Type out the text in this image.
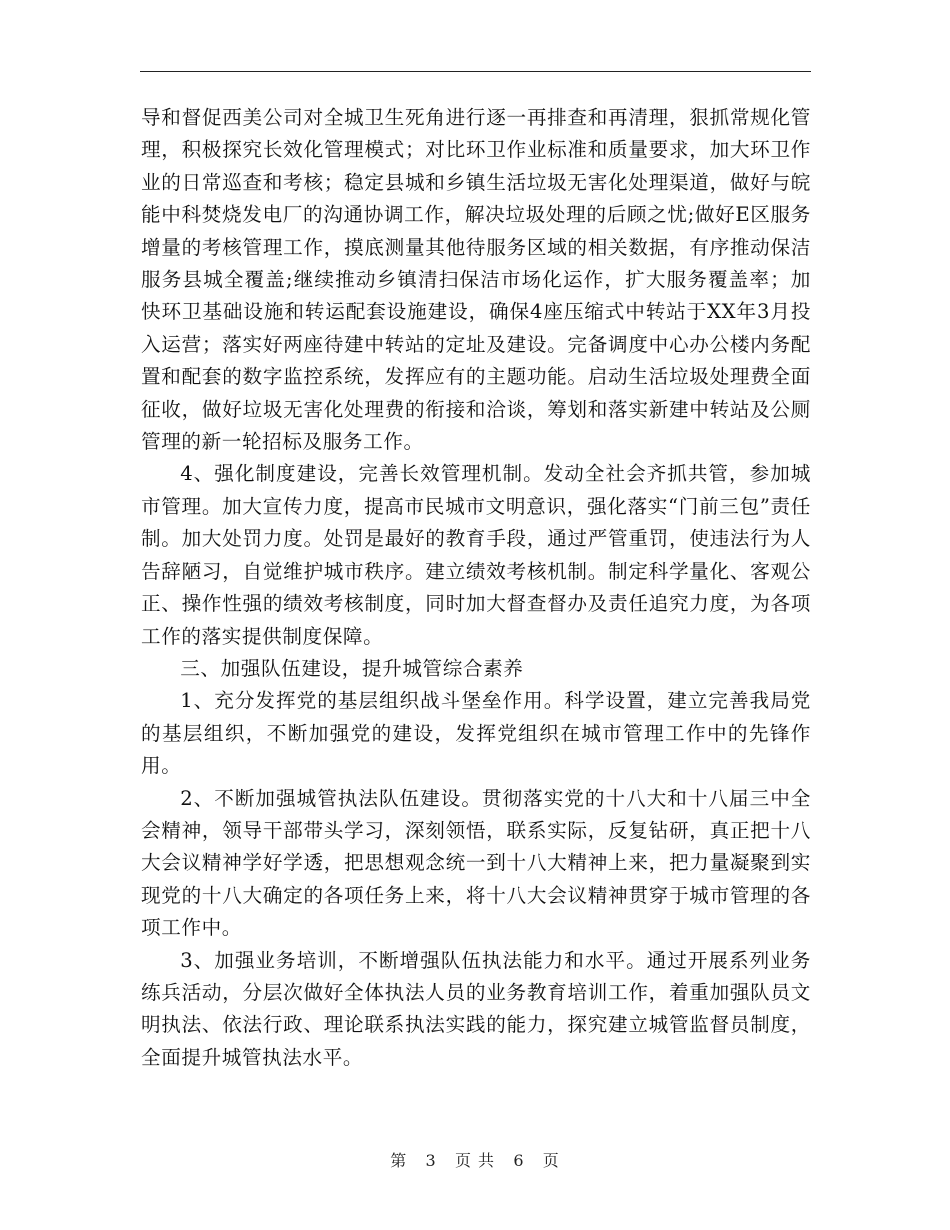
导和督促西美公司对全城卫生死角进行逐一再排查和再清理，狠抓常规化管理，积极探究长效化管理模式；对比环卫作业标准和质量要求，加大环卫作业的日常巡查和考核；稳定县城和乡镇生活垃圾无害化处理渠道，做好与皖能中科焚烧发电厂的沟通协调工作，解决垃圾处理的后顾之忧;做好E区服务增量的考核管理工作，摸底测量其他待服务区域的相关数据，有序推动保洁服务县城全覆盖;继续推动乡镇清扫保洁市场化运作，扩大服务覆盖率；加快环卫基础设施和转运配套设施建设，确保4座压缩式中转站于XX年3月投入运营；落实好两座待建中转站的定址及建设。完备调度中心办公楼内务配置和配套的数字监控系统，发挥应有的主题功能。启动生活垃圾处理费全面征收，做好垃圾无害化处理费的衔接和洽谈，筹划和落实新建中转站及公厕管理的新一轮招标及服务工作。

4、强化制度建设，完善长效管理机制。发动全社会齐抓共管，参加城市管理。加大宣传力度，提高市民城市文明意识，强化落实“门前三包”责任制。加大处罚力度。处罚是最好的教育手段，通过严管重罚，使违法行为人告辞陋习，自觉维护城市秩序。建立绩效考核机制。制定科学量化、客观公正、操作性强的绩效考核制度，同时加大督查督办及责任追究力度，为各项工作的落实提供制度保障。

三、加强队伍建设，提升城管综合素养

1、充分发挥党的基层组织战斗堡垒作用。科学设置，建立完善我局党的基层组织，不断加强党的建设，发挥党组织在城市管理工作中的先锋作用。

2、不断加强城管执法队伍建设。贯彻落实党的十八大和十八届三中全会精神，领导干部带头学习，深刻领悟，联系实际，反复钻研，真正把十八大会议精神学好学透，把思想观念统一到十八大精神上来，把力量凝聚到实现党的十八大确定的各项任务上来，将十八大会议精神贯穿于城市管理的各项工作中。

3、加强业务培训，不断增强队伍执法能力和水平。通过开展系列业务练兵活动，分层次做好全体执法人员的业务教育培训工作，着重加强队员文明执法、依法行政、理论联系执法实践的能力，探究建立城管监督员制度，全面提升城管执法水平。

第 3 页 共 6 页
